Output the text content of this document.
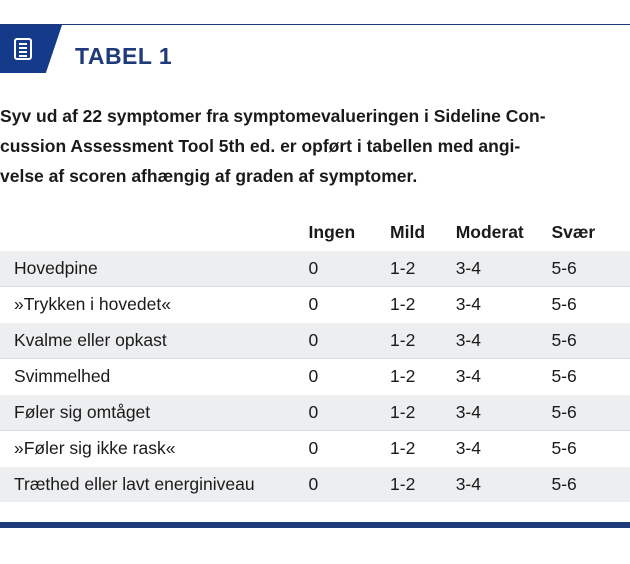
TABEL 1

Syv ud af 22 symptomer fra symptomevalueringen i Sideline Con-
cussion Assessment Tool 5th ed. er opført i tabellen med angi-
velse af scoren afhængig af graden af symptomer.

	Ingen	Mild	Moderat	Svær
Hovedpine	0	1-2	3-4	5-6
»Trykken i hovedet«	0	1-2	3-4	5-6
Kvalme eller opkast	0	1-2	3-4	5-6
Svimmelhed	0	1-2	3-4	5-6
Føler sig omtåget	0	1-2	3-4	5-6
»Føler sig ikke rask«	0	1-2	3-4	5-6
Træthed eller lavt energiniveau	0	1-2	3-4	5-6
